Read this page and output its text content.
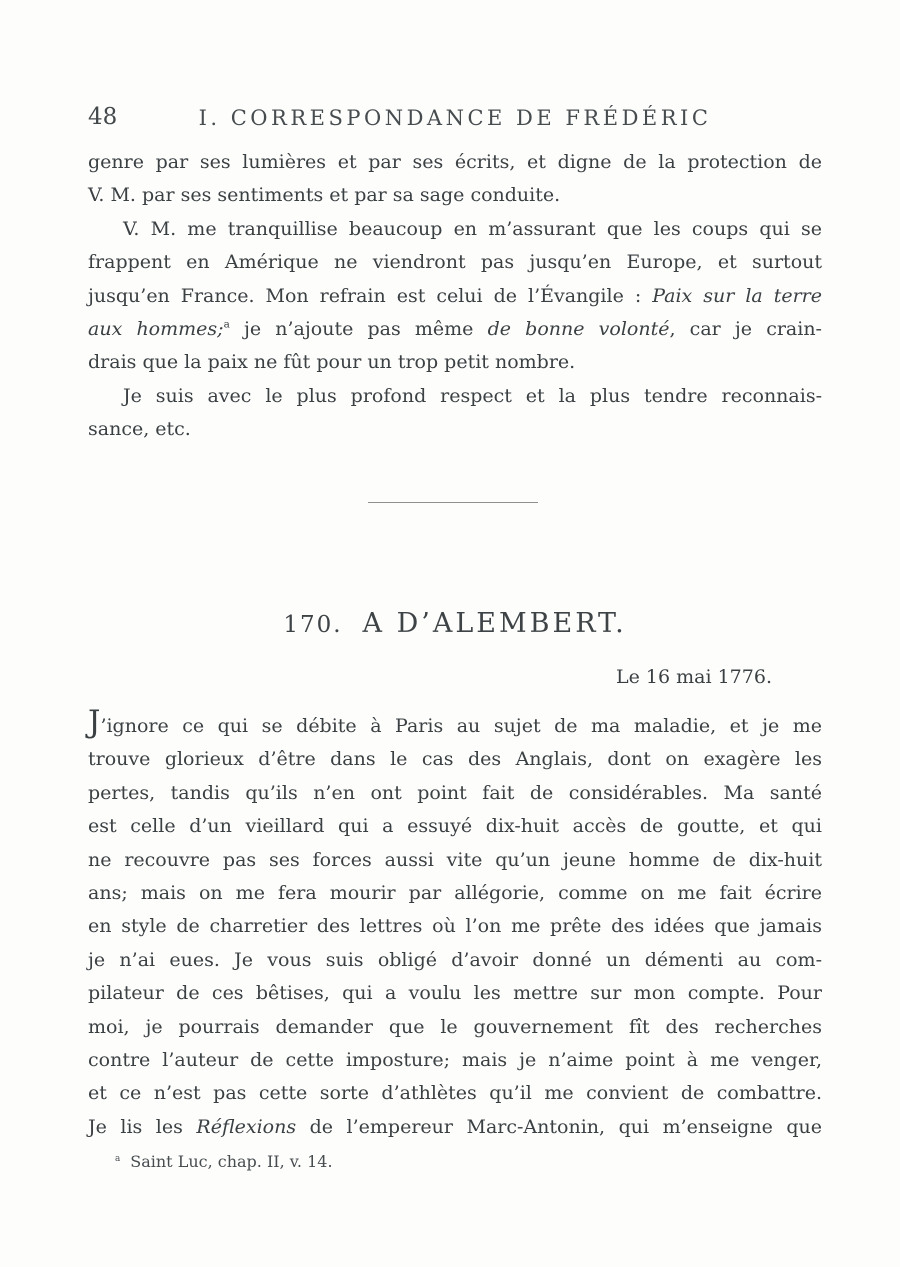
48	I. CORRESPONDANCE DE FRÉDÉRIC
genre par ses lumières et par ses écrits, et digne de la protection de
V. M. par ses sentiments et par sa sage conduite.
V. M. me tranquillise beaucoup en m’assurant que les coups qui se
frappent en Amérique ne viendront pas jusqu’en Europe, et surtout
jusqu’en France. Mon refrain est celui de l’Évangile : Paix sur la terre
aux hommes;$^a$ je n’ajoute pas même de bonne volonté, car je crain-
drais que la paix ne fût pour un trop petit nombre.
Je suis avec le plus profond respect et la plus tendre reconnais-
sance, etc.
170. A D’ALEMBERT.
Le 16 mai 1776.
J’ignore ce qui se débite à Paris au sujet de ma maladie, et je me
trouve glorieux d’être dans le cas des Anglais, dont on exagère les
pertes, tandis qu’ils n’en ont point fait de considérables. Ma santé
est celle d’un vieillard qui a essuyé dix-huit accès de goutte, et qui
ne recouvre pas ses forces aussi vite qu’un jeune homme de dix-huit
ans; mais on me fera mourir par allégorie, comme on me fait écrire
en style de charretier des lettres où l’on me prête des idées que jamais
je n’ai eues. Je vous suis obligé d’avoir donné un démenti au com-
pilateur de ces bêtises, qui a voulu les mettre sur mon compte. Pour
moi, je pourrais demander que le gouvernement fît des recherches
contre l’auteur de cette imposture; mais je n’aime point à me venger,
et ce n’est pas cette sorte d’athlètes qu’il me convient de combattre.
Je lis les Réflexions de l’empereur Marc-Antonin, qui m’enseigne que
$^a$ Saint Luc, chap. II, v. 14.
